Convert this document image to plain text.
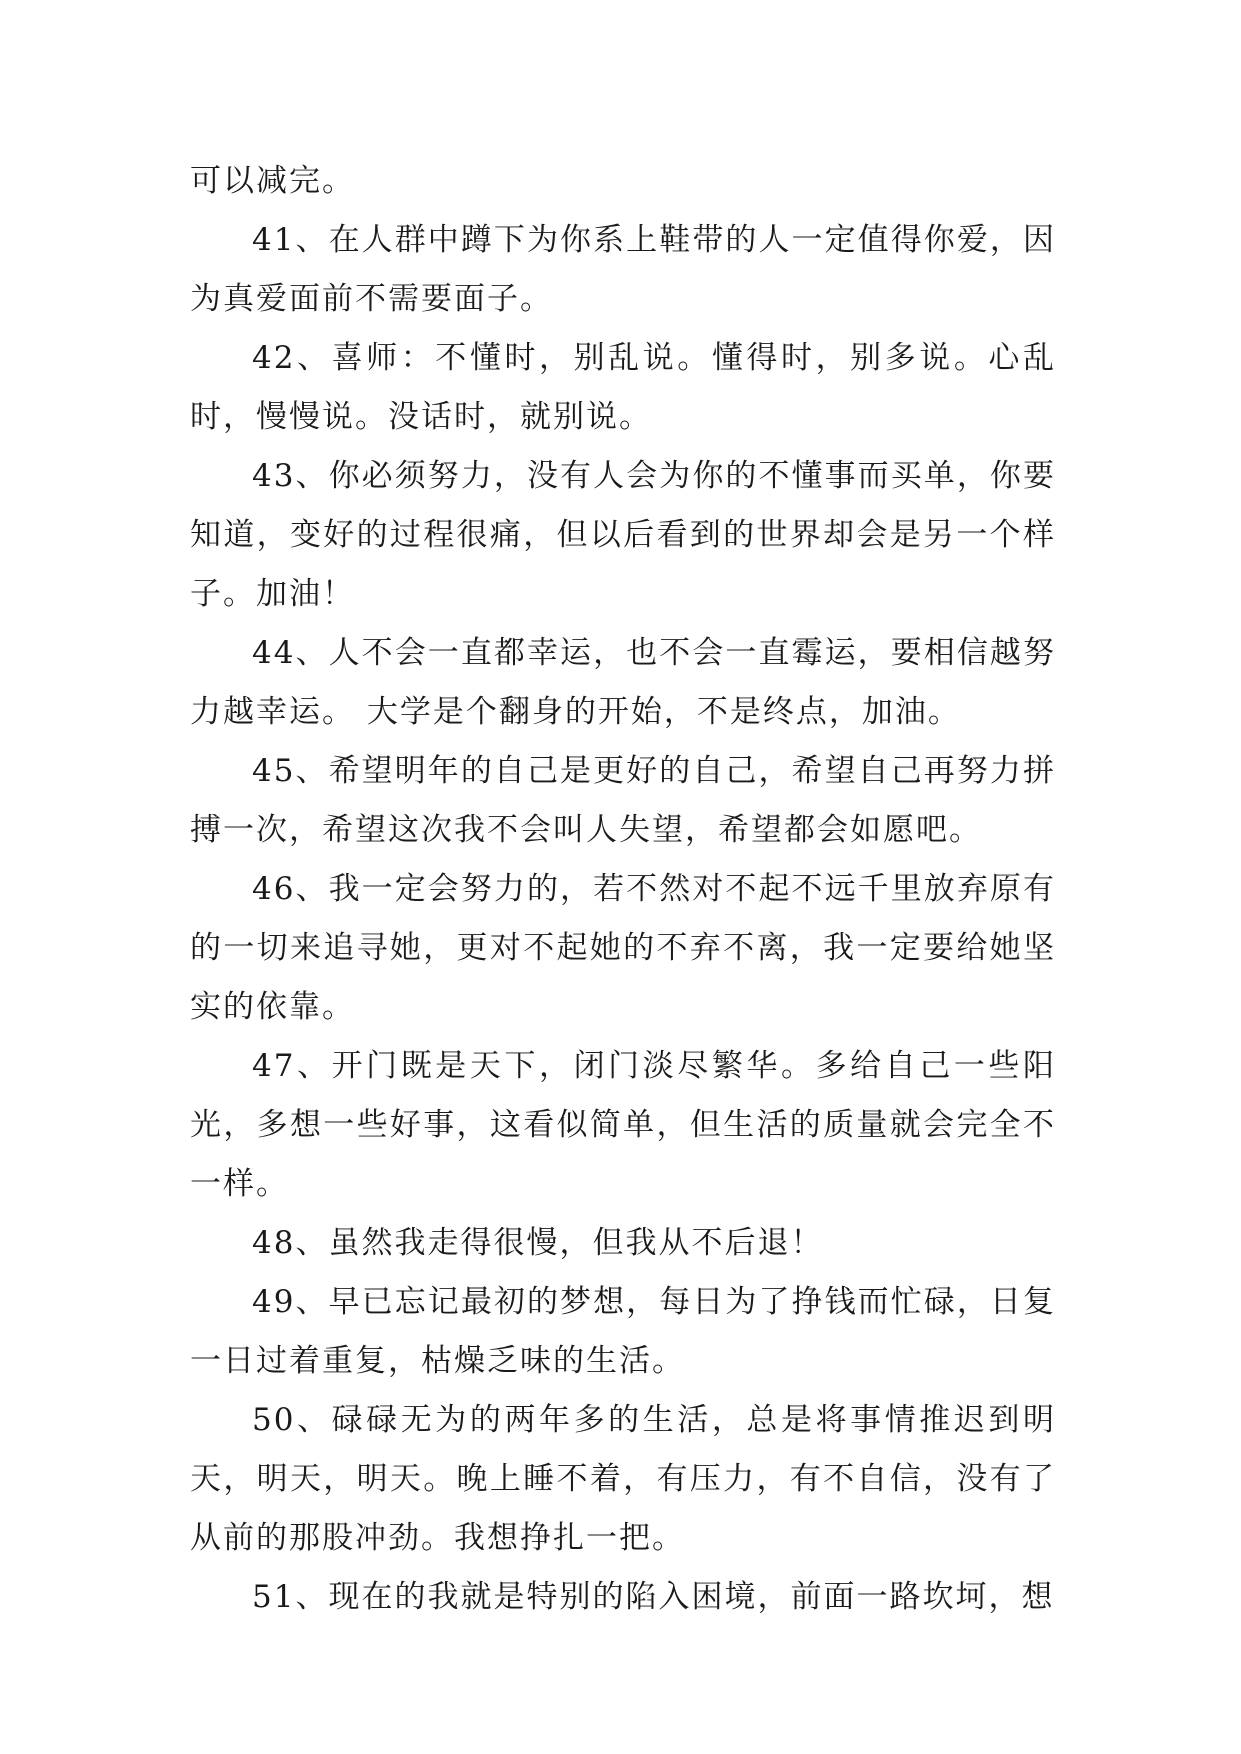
可以减完。

41、在人群中蹲下为你系上鞋带的人一定值得你爱，因为真爱面前不需要面子。

42、喜师：不懂时，别乱说。懂得时，别多说。心乱时，慢慢说。没话时，就别说。

43、你必须努力，没有人会为你的不懂事而买单，你要知道，变好的过程很痛，但以后看到的世界却会是另一个样子。加油！

44、人不会一直都幸运，也不会一直霉运，要相信越努力越幸运。 大学是个翻身的开始，不是终点，加油。

45、希望明年的自己是更好的自己，希望自己再努力拼搏一次，希望这次我不会叫人失望，希望都会如愿吧。

46、我一定会努力的，若不然对不起不远千里放弃原有的一切来追寻她，更对不起她的不弃不离，我一定要给她坚实的依靠。

47、开门既是天下，闭门淡尽繁华。多给自己一些阳光，多想一些好事，这看似简单，但生活的质量就会完全不一样。

48、虽然我走得很慢，但我从不后退！

49、早已忘记最初的梦想，每日为了挣钱而忙碌，日复一日过着重复，枯燥乏味的生活。

50、碌碌无为的两年多的生活，总是将事情推迟到明天，明天，明天。晚上睡不着，有压力，有不自信，没有了从前的那股冲劲。我想挣扎一把。

51、现在的我就是特别的陷入困境，前面一路坎坷，想
